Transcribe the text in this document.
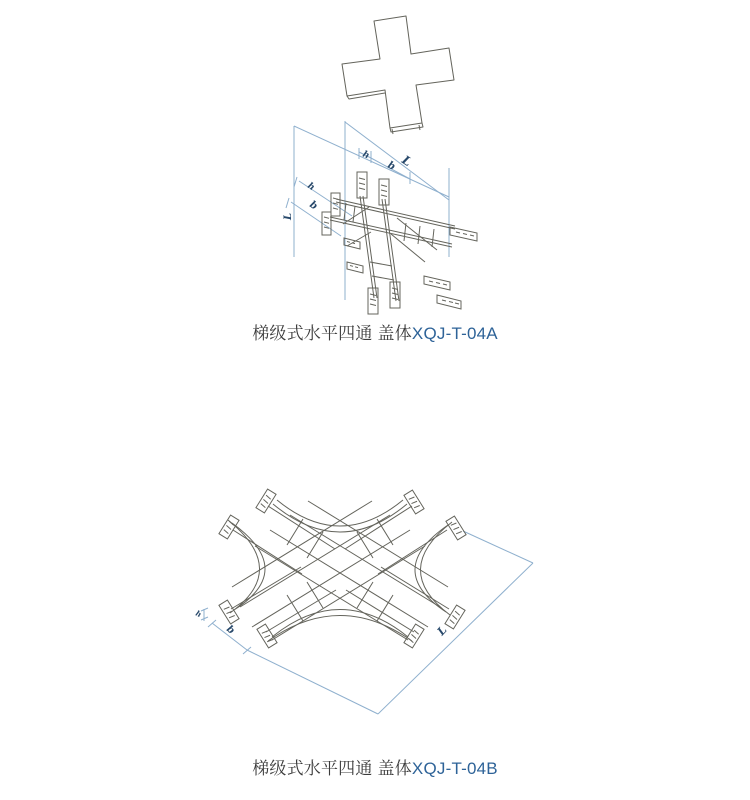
h
b L
h
b
L
梯级式水平四通 盖体XQJ-T-04A
h
b	L
梯级式水平四通 盖体XQJ-T-04B
